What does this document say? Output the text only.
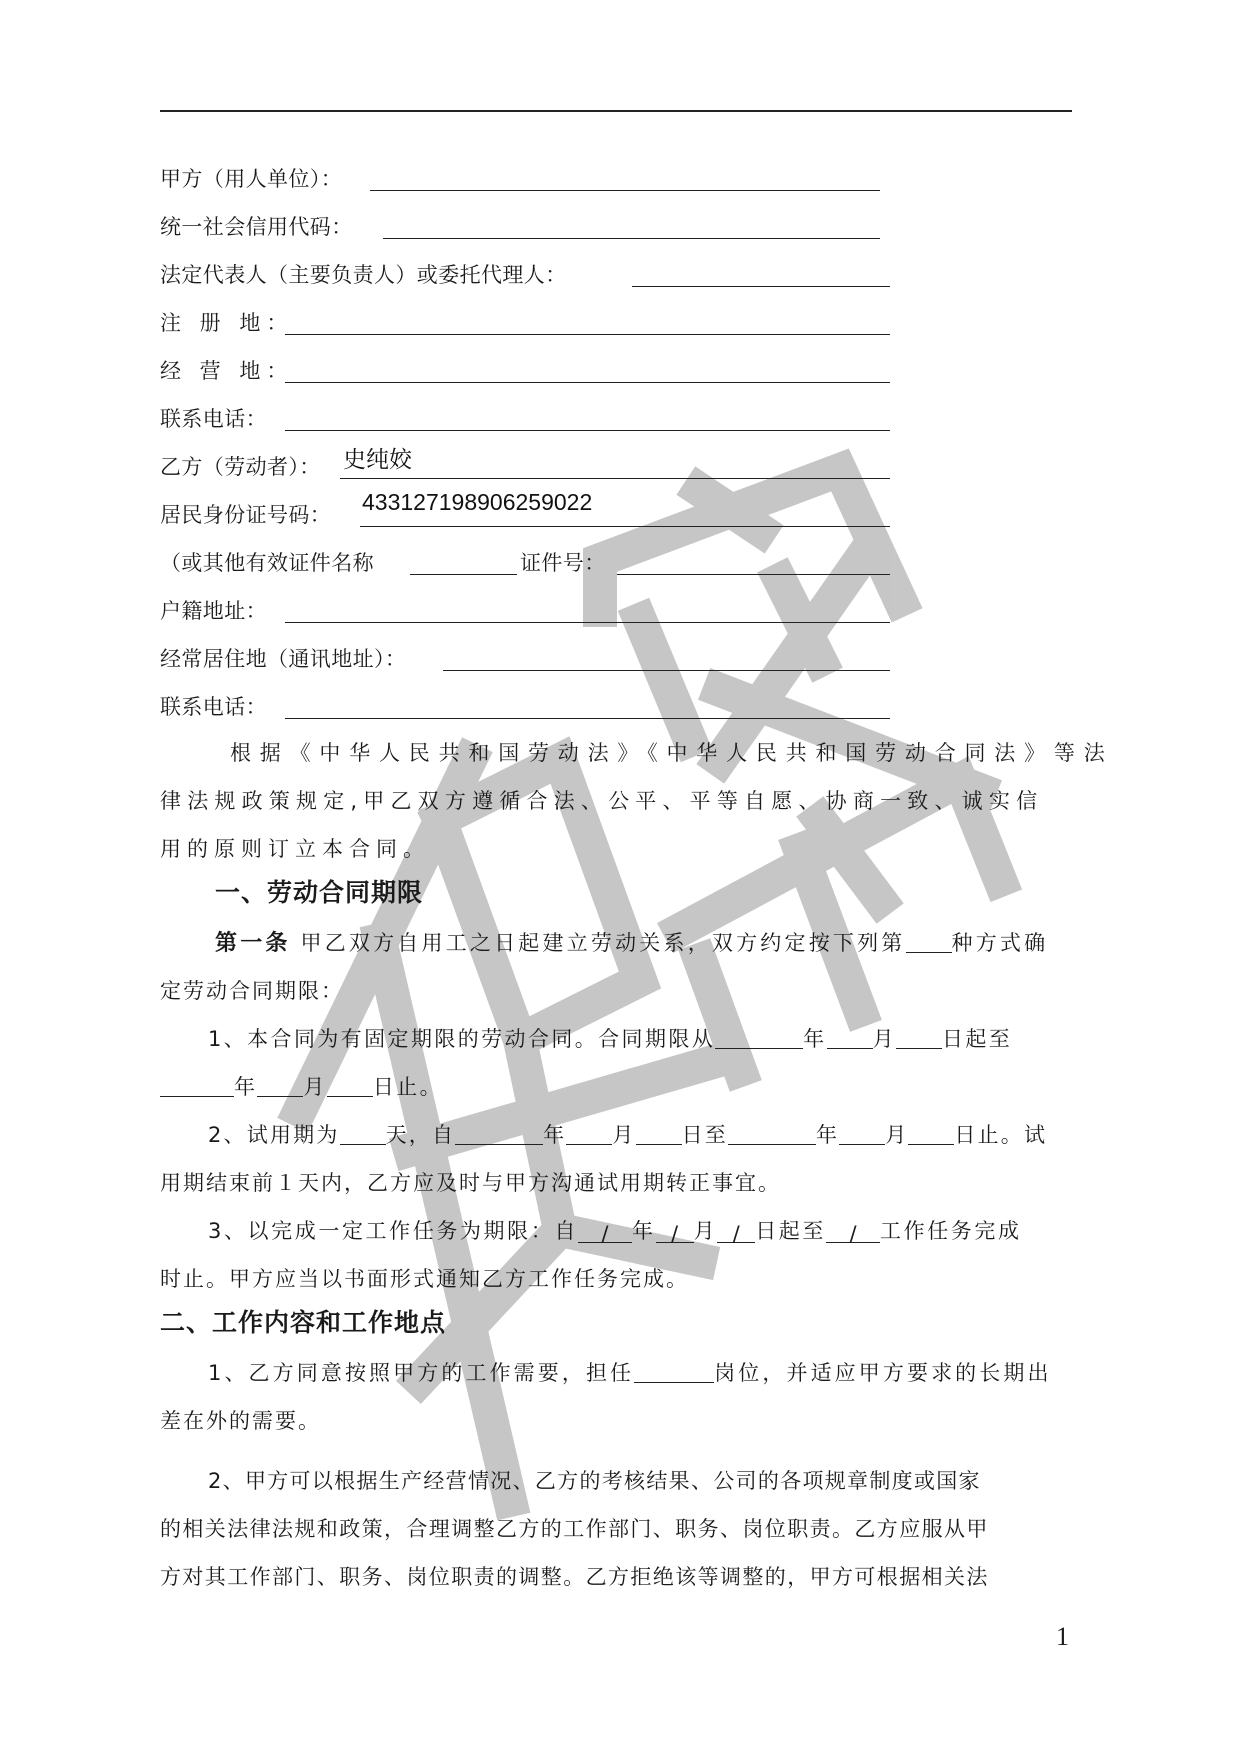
甲方（用人单位）：
统一社会信用代码：
法定代表人（主要负责人）或委托代理人：
注 册 地：
经 营 地：
联系电话：
乙方（劳动者）： 史纯姣
居民身份证号码： 433127198906259022
（或其他有效证件名称	证件号：
户籍地址：
经常居住地（通讯地址）：
联系电话：
根据《中华人民共和国劳动法》《中华人民共和国劳动合同法》等法
律法规政策规定,甲乙双方遵循合法、公平、平等自愿、协商一致、诚实信
用的原则订立本合同。
一、劳动合同期限
第一条 甲乙双方自用工之日起建立劳动关系，双方约定按下列第 种方式确
定劳动合同期限：
1、本合同为有固定期限的劳动合同。合同期限从	年 月 日起至
年 月 日止。
2、试用期为 天，自	年 月 日至	年 月 日止。试
用期结束前１天内，乙方应及时与甲方沟通试用期转正事宜。
3、以完成一定工作任务为期限：自 / 年 / 月 / 日起至 / 工作任务完成
时止。甲方应当以书面形式通知乙方工作任务完成。
二、工作内容和工作地点
1、乙方同意按照甲方的工作需要，担任	岗位，并适应甲方要求的长期出
差在外的需要。
2、甲方可以根据生产经营情况、乙方的考核结果、公司的各项规章制度或国家
的相关法律法规和政策，合理调整乙方的工作部门、职务、岗位职责。乙方应服从甲
方对其工作部门、职务、岗位职责的调整。乙方拒绝该等调整的，甲方可根据相关法
1
